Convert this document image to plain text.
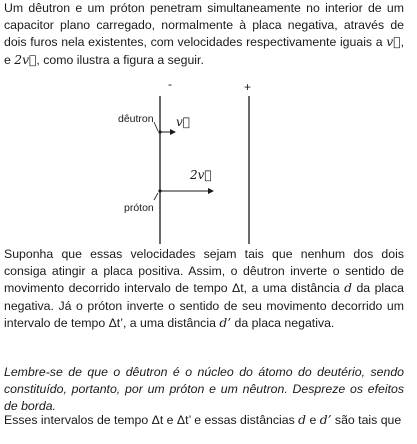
Um dêutron e um próton penetram simultaneamente no interior de um capacitor plano carregado, normalmente à placa negativa, através de dois furos nela existentes, com velocidades respectivamente iguais a v⃗, e 2v⃗, como ilustra a figura a seguir.

-	+
dêutron v⃗
próton
2v⃗

Suponha que essas velocidades sejam tais que nenhum dos dois consiga atingir a placa positiva. Assim, o dêutron inverte o sentido de movimento decorrido intervalo de tempo Δt, a uma distância d da placa negativa. Já o próton inverte o sentido de seu movimento decorrido um intervalo de tempo Δt’, a uma distância d’ da placa negativa.

Lembre-se de que o dêutron é o núcleo do átomo do deutério, sendo constituído, portanto, por um próton e um nêutron. Despreze os efeitos de borda.

Esses intervalos de tempo Δt e Δt’ e essas distâncias d e d’ são tais que
